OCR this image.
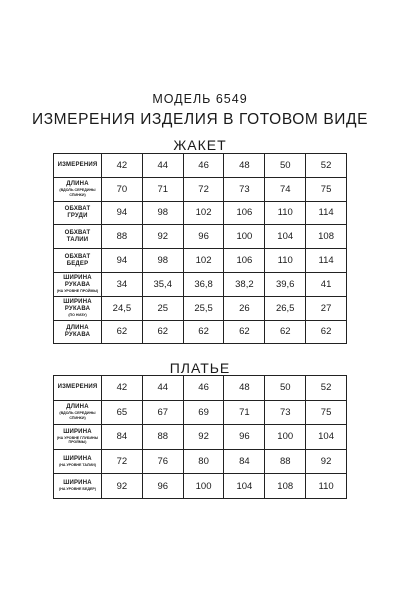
МОДЕЛЬ 6549
ИЗМЕРЕНИЯ ИЗДЕЛИЯ В ГОТОВОМ ВИДЕ
ЖАКЕТ
ИЗМЕРЕНИЯ	42	44	46	48	50	52

ДЛИНА
(ВДОЛЬ СЕРЕДИНЫ СПИНКИ)	70	71	72	73	74	75

ОБХВАТ
ГРУДИ	94	98	102	106	110	114

ОБХВАТ
ТАЛИИ	88	92	96	100	104	108

ОБХВАТ
БЕДЕР	94	98	102	106	110	114

ШИРИНА
РУКАВА
(НА УРОВНЕ ПРОЙМЫ)	34	35,4	36,8	38,2	39,6	41

ШИРИНА
РУКАВА
(ПО НИЗУ)	24,5	25	25,5	26	26,5	27

ДЛИНА
РУКАВА	62	62	62	62	62	62
ПЛАТЬЕ
ИЗМЕРЕНИЯ	42	44	46	48	50	52

ДЛИНА
(ВДОЛЬ СЕРЕДИНЫ СПИНКИ)	65	67	69	71	73	75

ШИРИНА
(НА УРОВНЕ ГЛУБИНЫ ПРОЙМЫ)	84	88	92	96	100	104

ШИРИНА
(НА УРОВНЕ ТАЛИИ)	72	76	80	84	88	92

ШИРИНА
(НА УРОВНЕ БЕДЕР)	92	96	100	104	108	110
